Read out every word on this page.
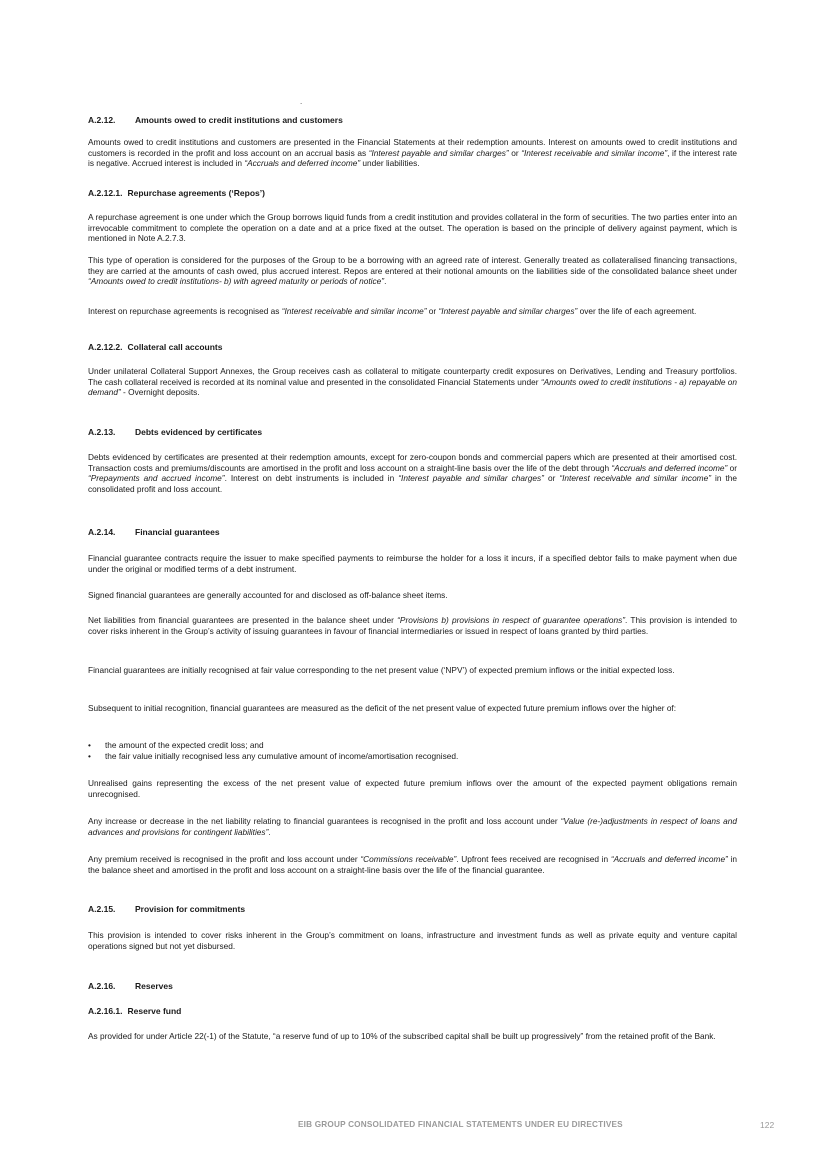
.
A.2.12. Amounts owed to credit institutions and customers
Amounts owed to credit institutions and customers are presented in the Financial Statements at their redemption amounts. Interest on amounts owed to credit institutions and customers is recorded in the profit and loss account on an accrual basis as “Interest payable and similar charges” or “Interest receivable and similar income”, if the interest rate is negative. Accrued interest is included in “Accruals and deferred income” under liabilities.
A.2.12.1. Repurchase agreements (‘Repos’)
A repurchase agreement is one under which the Group borrows liquid funds from a credit institution and provides collateral in the form of securities. The two parties enter into an irrevocable commitment to complete the operation on a date and at a price fixed at the outset. The operation is based on the principle of delivery against payment, which is mentioned in Note A.2.7.3.
This type of operation is considered for the purposes of the Group to be a borrowing with an agreed rate of interest. Generally treated as collateralised financing transactions, they are carried at the amounts of cash owed, plus accrued interest. Repos are entered at their notional amounts on the liabilities side of the consolidated balance sheet under “Amounts owed to credit institutions- b) with agreed maturity or periods of notice”.
Interest on repurchase agreements is recognised as “Interest receivable and similar income” or “Interest payable and similar charges” over the life of each agreement.
A.2.12.2. Collateral call accounts
Under unilateral Collateral Support Annexes, the Group receives cash as collateral to mitigate counterparty credit exposures on Derivatives, Lending and Treasury portfolios. The cash collateral received is recorded at its nominal value and presented in the consolidated Financial Statements under “Amounts owed to credit institutions - a) repayable on demand” - Overnight deposits.
A.2.13. Debts evidenced by certificates
Debts evidenced by certificates are presented at their redemption amounts, except for zero-coupon bonds and commercial papers which are presented at their amortised cost. Transaction costs and premiums/discounts are amortised in the profit and loss account on a straight-line basis over the life of the debt through “Accruals and deferred income” or “Prepayments and accrued income”. Interest on debt instruments is included in “Interest payable and similar charges” or “Interest receivable and similar income” in the consolidated profit and loss account.
A.2.14. Financial guarantees
Financial guarantee contracts require the issuer to make specified payments to reimburse the holder for a loss it incurs, if a specified debtor fails to make payment when due under the original or modified terms of a debt instrument.
Signed financial guarantees are generally accounted for and disclosed as off-balance sheet items.
Net liabilities from financial guarantees are presented in the balance sheet under “Provisions b) provisions in respect of guarantee operations”. This provision is intended to cover risks inherent in the Group’s activity of issuing guarantees in favour of financial intermediaries or issued in respect of loans granted by third parties.
Financial guarantees are initially recognised at fair value corresponding to the net present value (‘NPV’) of expected premium inflows or the initial expected loss.
Subsequent to initial recognition, financial guarantees are measured as the deficit of the net present value of expected future premium inflows over the higher of:
• the amount of the expected credit loss; and
• the fair value initially recognised less any cumulative amount of income/amortisation recognised.
Unrealised gains representing the excess of the net present value of expected future premium inflows over the amount of the expected payment obligations remain unrecognised.
Any increase or decrease in the net liability relating to financial guarantees is recognised in the profit and loss account under “Value (re-)adjustments in respect of loans and advances and provisions for contingent liabilities”.
Any premium received is recognised in the profit and loss account under “Commissions receivable”. Upfront fees received are recognised in “Accruals and deferred income” in the balance sheet and amortised in the profit and loss account on a straight-line basis over the life of the financial guarantee.
A.2.15. Provision for commitments
This provision is intended to cover risks inherent in the Group’s commitment on loans, infrastructure and investment funds as well as private equity and venture capital operations signed but not yet disbursed.
A.2.16. Reserves
A.2.16.1. Reserve fund
As provided for under Article 22(-1) of the Statute, “a reserve fund of up to 10% of the subscribed capital shall be built up progressively” from the retained profit of the Bank.
EIB GROUP CONSOLIDATED FINANCIAL STATEMENTS UNDER EU DIRECTIVES	122
